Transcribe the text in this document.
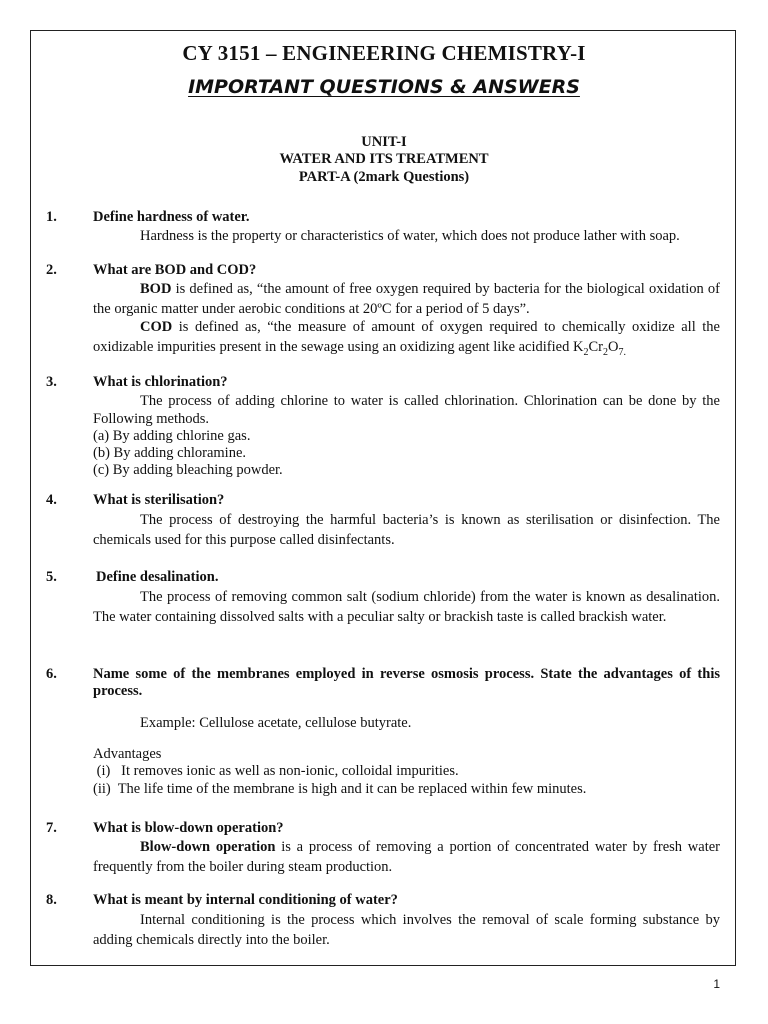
CY 3151 – ENGINEERING CHEMISTRY-I
IMPORTANT QUESTIONS & ANSWERS
UNIT-I
WATER AND ITS TREATMENT
PART-A (2mark Questions)
1. Define hardness of water.
Hardness is the property or characteristics of water, which does not produce lather with soap.
2. What are BOD and COD?
BOD is defined as, “the amount of free oxygen required by bacteria for the biological oxidation of the organic matter under aerobic conditions at 20ºC for a period of 5 days”.
COD is defined as, “the measure of amount of oxygen required to chemically oxidize all the oxidizable impurities present in the sewage using an oxidizing agent like acidified $K_2Cr_2O_{7.}$
3. What is chlorination?
The process of adding chlorine to water is called chlorination. Chlorination can be done by the Following methods.
(a) By adding chlorine gas.
(b) By adding chloramine.
(c) By adding bleaching powder.
4. What is sterilisation?
The process of destroying the harmful bacteria’s is known as sterilisation or disinfection. The chemicals used for this purpose called disinfectants.
5.	Define desalination.
The process of removing common salt (sodium chloride) from the water is known as desalination. The water containing dissolved salts with a peculiar salty or brackish taste is called brackish water.
6. Name some of the membranes employed in reverse osmosis process. State the advantages of this process.
Example: Cellulose acetate, cellulose butyrate.
Advantages
(i)   It removes ionic as well as non-ionic, colloidal impurities.
(ii)  The life time of the membrane is high and it can be replaced within few minutes.
7. What is blow-down operation?
Blow-down operation is a process of removing a portion of concentrated water by fresh water frequently from the boiler during steam production.
8. What is meant by internal conditioning of water?
Internal conditioning is the process which involves the removal of scale forming substance by adding chemicals directly into the boiler.
1
